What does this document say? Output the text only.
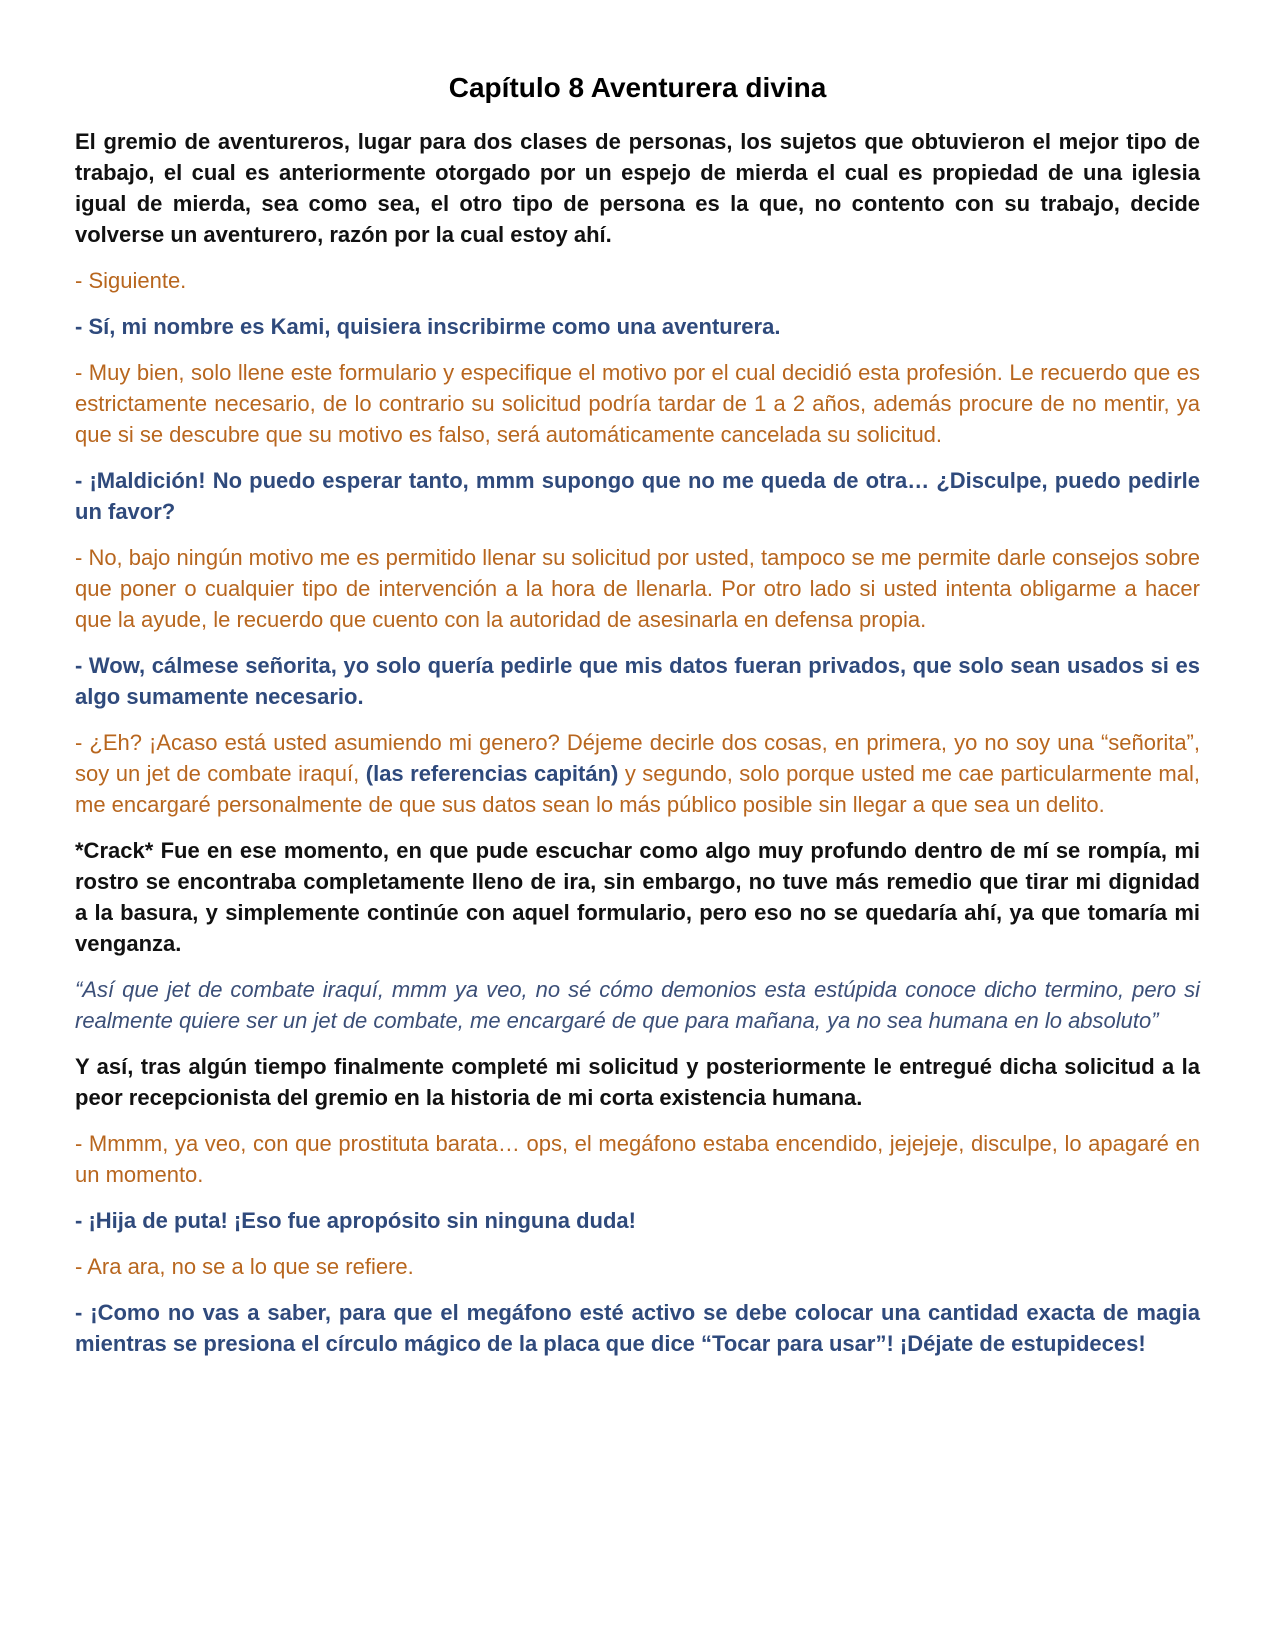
Capítulo 8 Aventurera divina

El gremio de aventureros, lugar para dos clases de personas, los sujetos que obtuvieron el mejor tipo de trabajo, el cual es anteriormente otorgado por un espejo de mierda el cual es propiedad de una iglesia igual de mierda, sea como sea, el otro tipo de persona es la que, no contento con su trabajo, decide volverse un aventurero, razón por la cual estoy ahí.

- Siguiente.

- Sí, mi nombre es Kami, quisiera inscribirme como una aventurera.

- Muy bien, solo llene este formulario y especifique el motivo por el cual decidió esta profesión. Le recuerdo que es estrictamente necesario, de lo contrario su solicitud podría tardar de 1 a 2 años, además procure de no mentir, ya que si se descubre que su motivo es falso, será automáticamente cancelada su solicitud.

- ¡Maldición! No puedo esperar tanto, mmm supongo que no me queda de otra… ¿Disculpe, puedo pedirle un favor?

- No, bajo ningún motivo me es permitido llenar su solicitud por usted, tampoco se me permite darle consejos sobre que poner o cualquier tipo de intervención a la hora de llenarla. Por otro lado si usted intenta obligarme a hacer que la ayude, le recuerdo que cuento con la autoridad de asesinarla en defensa propia.

- Wow, cálmese señorita, yo solo quería pedirle que mis datos fueran privados, que solo sean usados si es algo sumamente necesario.

- ¿Eh? ¡Acaso está usted asumiendo mi genero? Déjeme decirle dos cosas, en primera, yo no soy una “señorita”, soy un jet de combate iraquí, (las referencias capitán) y segundo, solo porque usted me cae particularmente mal, me encargaré personalmente de que sus datos sean lo más público posible sin llegar a que sea un delito.

*Crack* Fue en ese momento, en que pude escuchar como algo muy profundo dentro de mí se rompía, mi rostro se encontraba completamente lleno de ira, sin embargo, no tuve más remedio que tirar mi dignidad a la basura, y simplemente continúe con aquel formulario, pero eso no se quedaría ahí, ya que tomaría mi venganza.

“Así que jet de combate iraquí, mmm ya veo, no sé cómo demonios esta estúpida conoce dicho termino, pero si realmente quiere ser un jet de combate, me encargaré de que para mañana, ya no sea humana en lo absoluto”

Y así, tras algún tiempo finalmente completé mi solicitud y posteriormente le entregué dicha solicitud a la peor recepcionista del gremio en la historia de mi corta existencia humana.

- Mmmm, ya veo, con que prostituta barata… ops, el megáfono estaba encendido, jejejeje, disculpe, lo apagaré en un momento.

- ¡Hija de puta! ¡Eso fue apropósito sin ninguna duda!

- Ara ara, no se a lo que se refiere.

- ¡Como no vas a saber, para que el megáfono esté activo se debe colocar una cantidad exacta de magia mientras se presiona el círculo mágico de la placa que dice “Tocar para usar”! ¡Déjate de estupideces!
